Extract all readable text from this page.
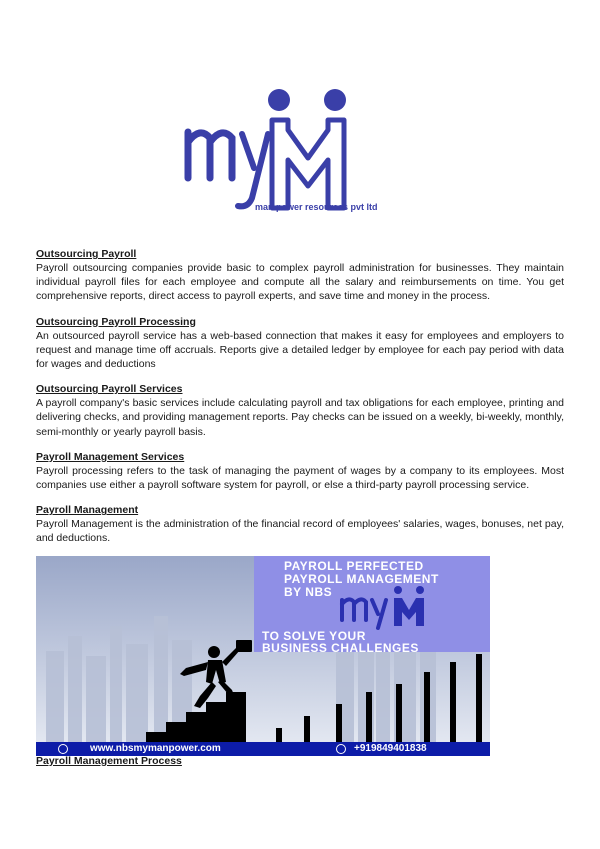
man power resources pvt ltd
Outsourcing Payroll
Payroll outsourcing companies provide basic to complex payroll administration for businesses. They maintain individual payroll files for each employee and compute all the salary and reimbursements on time. You get comprehensive reports, direct access to payroll experts, and save time and money in the process.
Outsourcing Payroll Processing
An outsourced payroll service has a web-based connection that makes it easy for employees and employers to request and manage time off accruals. Reports give a detailed ledger by employee for each pay period with data for wages and deductions
Outsourcing Payroll Services
A payroll company's basic services include calculating payroll and tax obligations for each employee, printing and delivering checks, and providing management reports. Pay checks can be issued on a weekly, bi-weekly, monthly, semi-monthly or yearly payroll basis.
Payroll Management Services
Payroll processing refers to the task of managing the payment of wages by a company to its employees. Most companies use either a payroll software system for payroll, or else a third-party payroll processing service.
Payroll Management
Payroll Management is the administration of the financial record of employees' salaries, wages, bonuses, net pay, and deductions.
PAYROLL PERFECTED
PAYROLL MANAGEMENT
BY NBS
TO SOLVE YOUR
BUSINESS CHALLENGES
www.nbsmymanpower.com	+919849401838
Payroll Management Process
